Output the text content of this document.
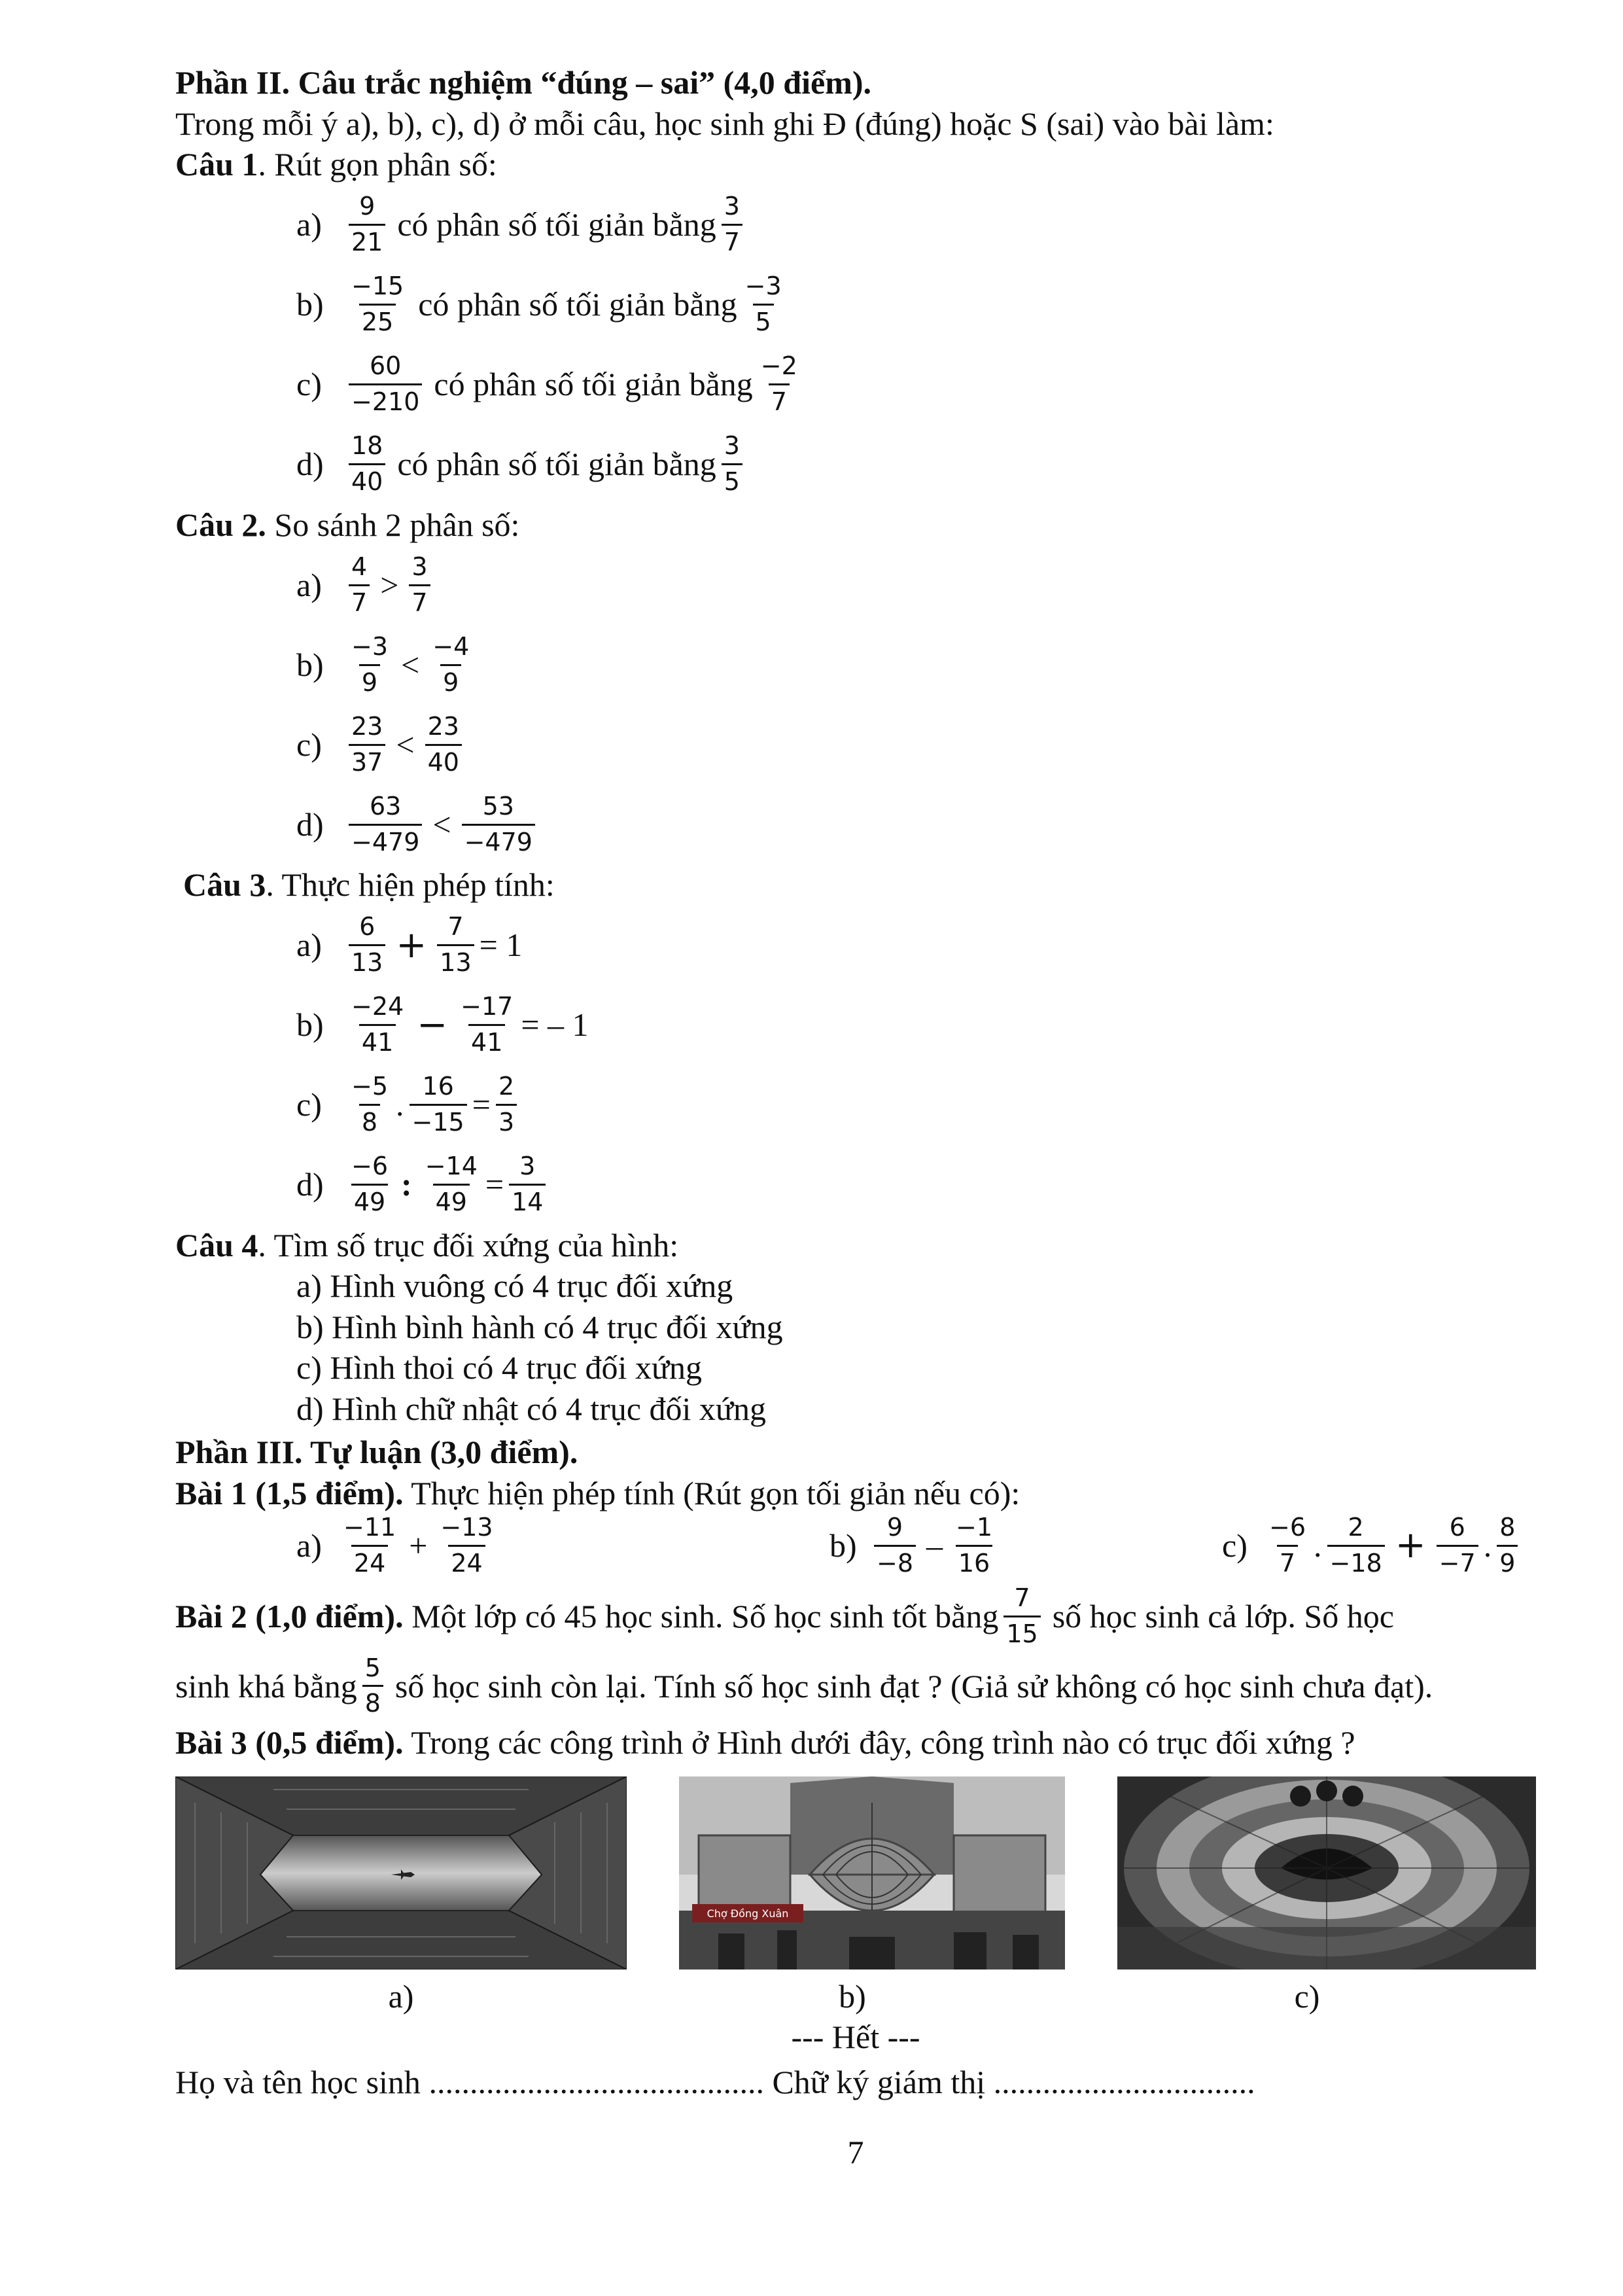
Phần II. Câu trắc nghiệm “đúng – sai” (4,0 điểm).
Trong mỗi ý a), b), c), d) ở mỗi câu, học sinh ghi Đ (đúng) hoặc S (sai) vào bài làm:
Câu 1. Rút gọn phân số:
a)	$\frac{9}{21}$ có phân số tối giản bằng $\frac{3}{7}$
b)	$\frac{-15}{25}$ có phân số tối giản bằng $\frac{-3}{5}$
c)	$\frac{60}{-210}$ có phân số tối giản bằng $\frac{-2}{7}$
d)	$\frac{18}{40}$ có phân số tối giản bằng $\frac{3}{5}$
Câu 2. So sánh 2 phân số:
a)	$\frac{4}{7} > \frac{3}{7}$
b)	$\frac{-3}{9} < \frac{-4}{9}$
c)	$\frac{23}{37} < \frac{23}{40}$
d)	$\frac{63}{-479} < \frac{53}{-479}$
Câu 3. Thực hiện phép tính:
a)	$\frac{6}{13} + \frac{7}{13} = 1$
b)	$\frac{-24}{41} - \frac{-17}{41}$ = – 1
c)	$\frac{-5}{8}$ . $\frac{16}{-15} = \frac{2}{3}$
d)	$\frac{-6}{49}$ : $\frac{-14}{49} = \frac{3}{14}$
Câu 4. Tìm số trục đối xứng của hình:
a) Hình vuông có 4 trục đối xứng
b) Hình bình hành có 4 trục đối xứng
c) Hình thoi có 4 trục đối xứng
d) Hình chữ nhật có 4 trục đối xứng
Phần III. Tự luận (3,0 điểm).
Bài 1 (1,5 điểm). Thực hiện phép tính (Rút gọn tối giản nếu có):
$a) \frac{-11}{24} + \frac{-13}{24}$	$b) \frac{9}{-8} - \frac{-1}{16}$	$c) \frac{-6}{7}$ . $\frac{2}{-18} + \frac{6}{-7}$ . $\frac{8}{9}$
Bài 2 (1,0 điểm). Một lớp có 45 học sinh. Số học sinh tốt bằng $\frac{7}{15}$ số học sinh cả lớp. Số học
sinh khá bằng $\frac{5}{8}$ số học sinh còn lại. Tính số học sinh đạt ? (Giả sử không có học sinh chưa đạt).
Bài 3 (0,5 điểm). Trong các công trình ở Hình dưới đây, công trình nào có trục đối xứng ?
Chợ Đồng Xuân
a)	b)	c)
--- Hết ---
Họ và tên học sinh ......................................... Chữ ký giám thị ................................
7
